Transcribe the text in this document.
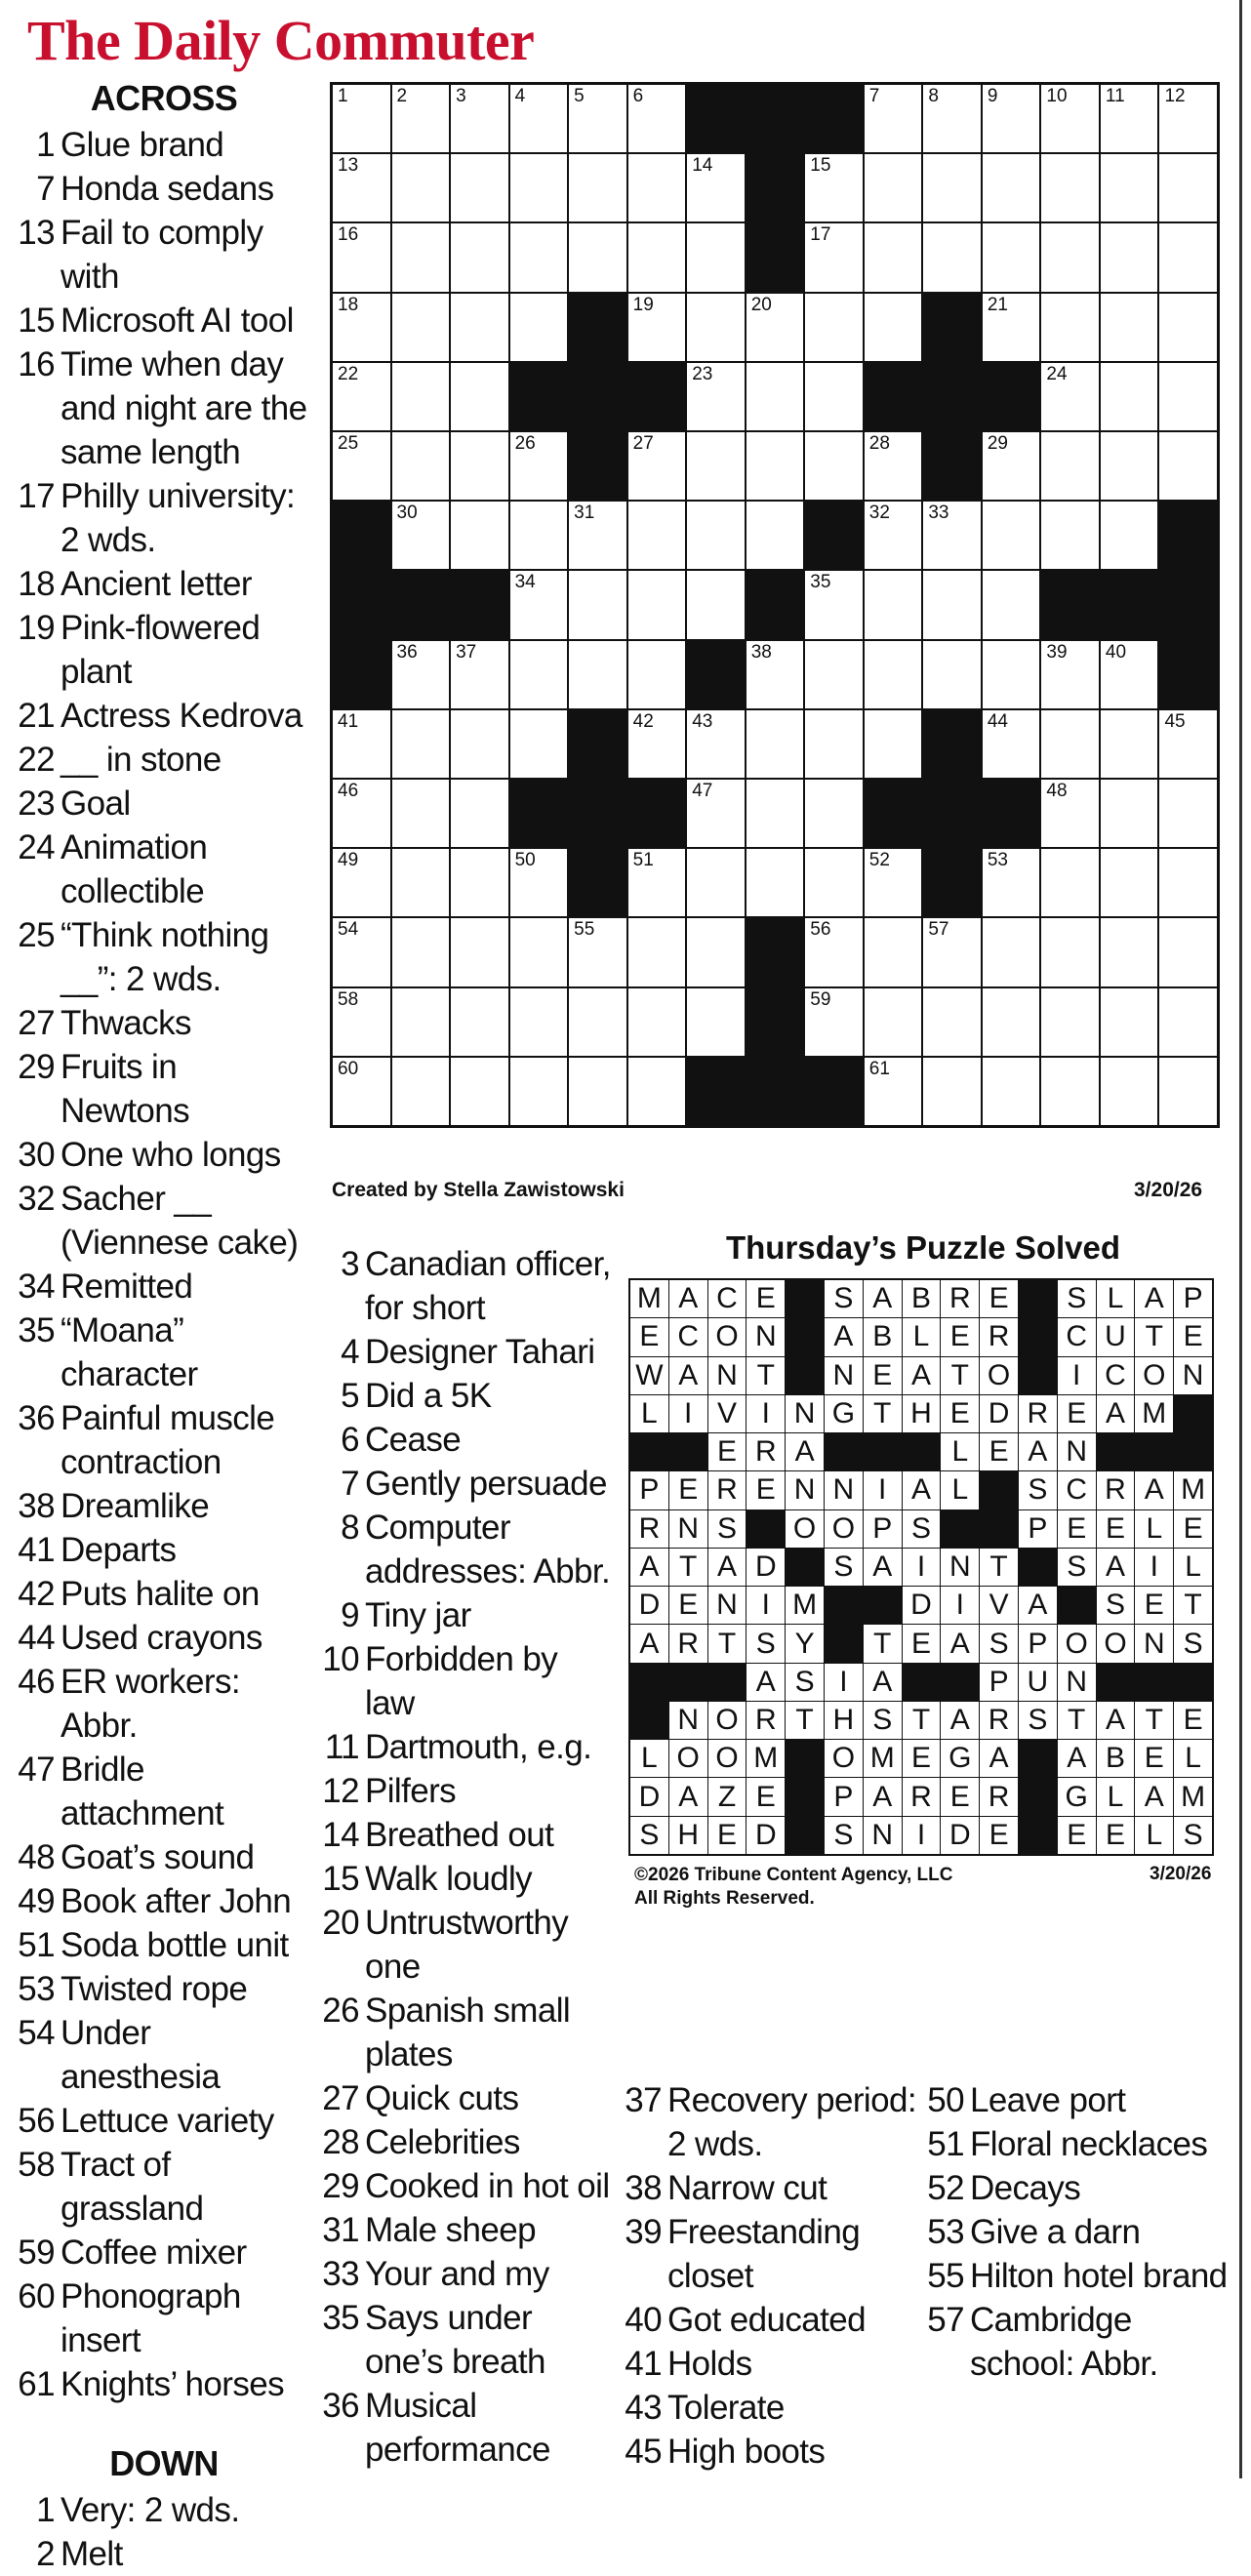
The Daily Commuter
ACROSS
1 Glue brand
7 Honda sedans
13 Fail to comply with
15 Microsoft AI tool
16 Time when day and night are the same length
17 Philly university: 2 wds.
18 Ancient letter
19 Pink-flowered plant
21 Actress Kedrova
22 __ in stone
23 Goal
24 Animation collectible
25 “Think nothing __”: 2 wds.
27 Thwacks
29 Fruits in Newtons
30 One who longs
32 Sacher __ (Viennese cake)
34 Remitted
35 “Moana” character
36 Painful muscle contraction
38 Dreamlike
41 Departs
42 Puts halite on
44 Used crayons
46 ER workers: Abbr.
47 Bridle attachment
48 Goat’s sound
49 Book after John
51 Soda bottle unit
53 Twisted rope
54 Under anesthesia
56 Lettuce variety
58 Tract of grassland
59 Coffee mixer
60 Phonograph insert
61 Knights’ horses
DOWN
1 Very: 2 wds.
2 Melt
3 Canadian officer, for short
4 Designer Tahari
5 Did a 5K
6 Cease
7 Gently persuade
8 Computer addresses: Abbr.
9 Tiny jar
10 Forbidden by law
11 Dartmouth, e.g.
12 Pilfers
14 Breathed out
15 Walk loudly
20 Untrustworthy one
26 Spanish small plates
27 Quick cuts
28 Celebrities
29 Cooked in hot oil
31 Male sheep
33 Your and my
35 Says under one’s breath
36 Musical performance
37 Recovery period: 2 wds.
38 Narrow cut
39 Freestanding closet
40 Got educated
41 Holds
43 Tolerate
45 High boots
50 Leave port
51 Floral necklaces
52 Decays
53 Give a darn
55 Hilton hotel brand
57 Cambridge school: Abbr.
1	2	3	4	5	6	7	8	9	10 11 12
13	14	15
16	17
18	19	20	21
22	23	24
25	26	27	28	29
30	31	32 33
34	35
36 37	38	39 40
41	42 43	44	45
46	47	48
49	50	51	52	53
54	55	56	57
58	59
60	61
Created by Stella Zawistowski	3/20/26
Thursday’s Puzzle Solved
M A C E	S A B R E	S L A P
E C O N	A B L E R C U T E
W A N T	N E A T O	I C O N
L I V I N G T H E D R E A M
E R A	L E A N
P E R E N N I A L	S C R A M
R N S	O O P S	P E E L E
A T A D	S A I N T	S A I L
D E N I M	D I V A	S E T
A R T S Y	T E A S P O O N S
A S I A	P U N
N O R T H S T A R S T A T E
L O O M O M E G A	A B E L
D A Z E	P A R E R G L A M
S H E D	S N I D E	E E L S
©2026 Tribune Content Agency, LLC
All Rights Reserved.
3/20/26
